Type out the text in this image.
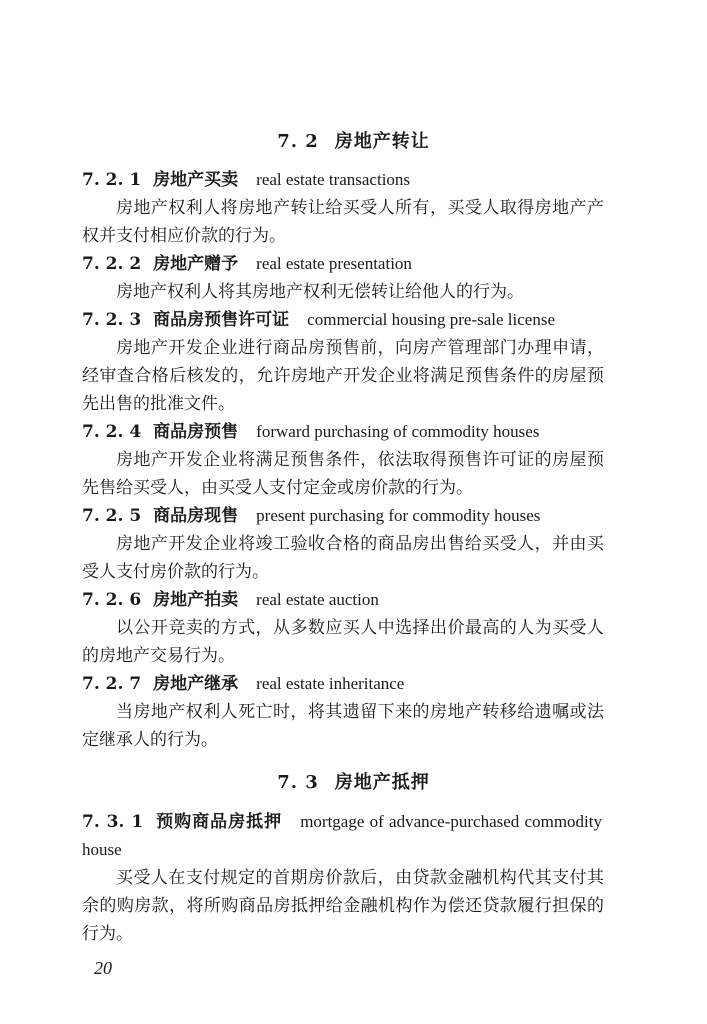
7. 2 房地产转让
7. 2. 1 房地产买卖 real estate transactions
房地产权利人将房地产转让给买受人所有，买受人取得房地产产权并支付相应价款的行为。
7. 2. 2 房地产赠予 real estate presentation
房地产权利人将其房地产权利无偿转让给他人的行为。
7. 2. 3 商品房预售许可证 commercial housing pre-sale license
房地产开发企业进行商品房预售前，向房产管理部门办理申请，经审查合格后核发的，允许房地产开发企业将满足预售条件的房屋预先出售的批准文件。
7. 2. 4 商品房预售 forward purchasing of commodity houses
房地产开发企业将满足预售条件，依法取得预售许可证的房屋预先售给买受人，由买受人支付定金或房价款的行为。
7. 2. 5 商品房现售 present purchasing for commodity houses
房地产开发企业将竣工验收合格的商品房出售给买受人，并由买受人支付房价款的行为。
7. 2. 6 房地产拍卖 real estate auction
以公开竞卖的方式，从多数应买人中选择出价最高的人为买受人的房地产交易行为。
7. 2. 7 房地产继承 real estate inheritance
当房地产权利人死亡时，将其遗留下来的房地产转移给遗嘱或法定继承人的行为。
7. 3 房地产抵押
7. 3. 1 预购商品房抵押 mortgage of advance-purchased commodity house
买受人在支付规定的首期房价款后，由贷款金融机构代其支付其余的购房款，将所购商品房抵押给金融机构作为偿还贷款履行担保的行为。
20
